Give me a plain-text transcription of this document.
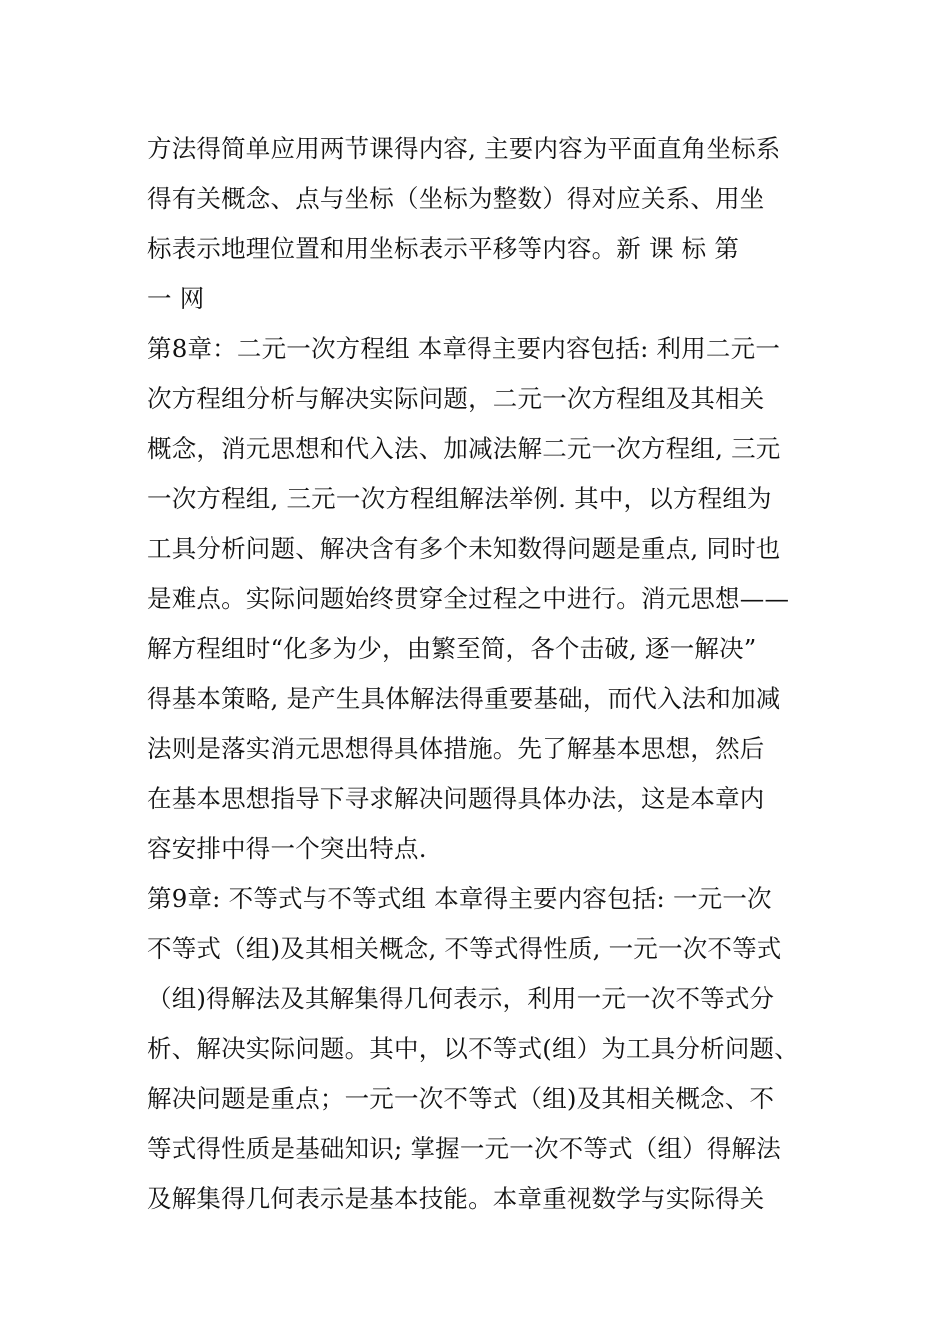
方法得简单应用两节课得内容, 主要内容为平面直角坐标系
得有关概念、点与坐标（坐标为整数）得对应关系、用坐
标表示地理位置和用坐标表示平移等内容。新 课 标 第
一 网
第8章：二元一次方程组 本章得主要内容包括: 利用二元一
次方程组分析与解决实际问题，二元一次方程组及其相关
概念，消元思想和代入法、加减法解二元一次方程组, 三元
一次方程组, 三元一次方程组解法举例. 其中，以方程组为
工具分析问题、解决含有多个未知数得问题是重点, 同时也
是难点。实际问题始终贯穿全过程之中进行。消元思想——
解方程组时“化多为少，由繁至简，各个击破, 逐一解决”
得基本策略, 是产生具体解法得重要基础，而代入法和加减
法则是落实消元思想得具体措施。先了解基本思想，然后
在基本思想指导下寻求解决问题得具体办法，这是本章内
容安排中得一个突出特点.
第9章: 不等式与不等式组 本章得主要内容包括: 一元一次
不等式（组)及其相关概念, 不等式得性质, 一元一次不等式
（组)得解法及其解集得几何表示，利用一元一次不等式分
析、解决实际问题。其中，以不等式(组）为工具分析问题、
解决问题是重点；一元一次不等式（组)及其相关概念、不
等式得性质是基础知识; 掌握一元一次不等式（组）得解法
及解集得几何表示是基本技能。本章重视数学与实际得关
